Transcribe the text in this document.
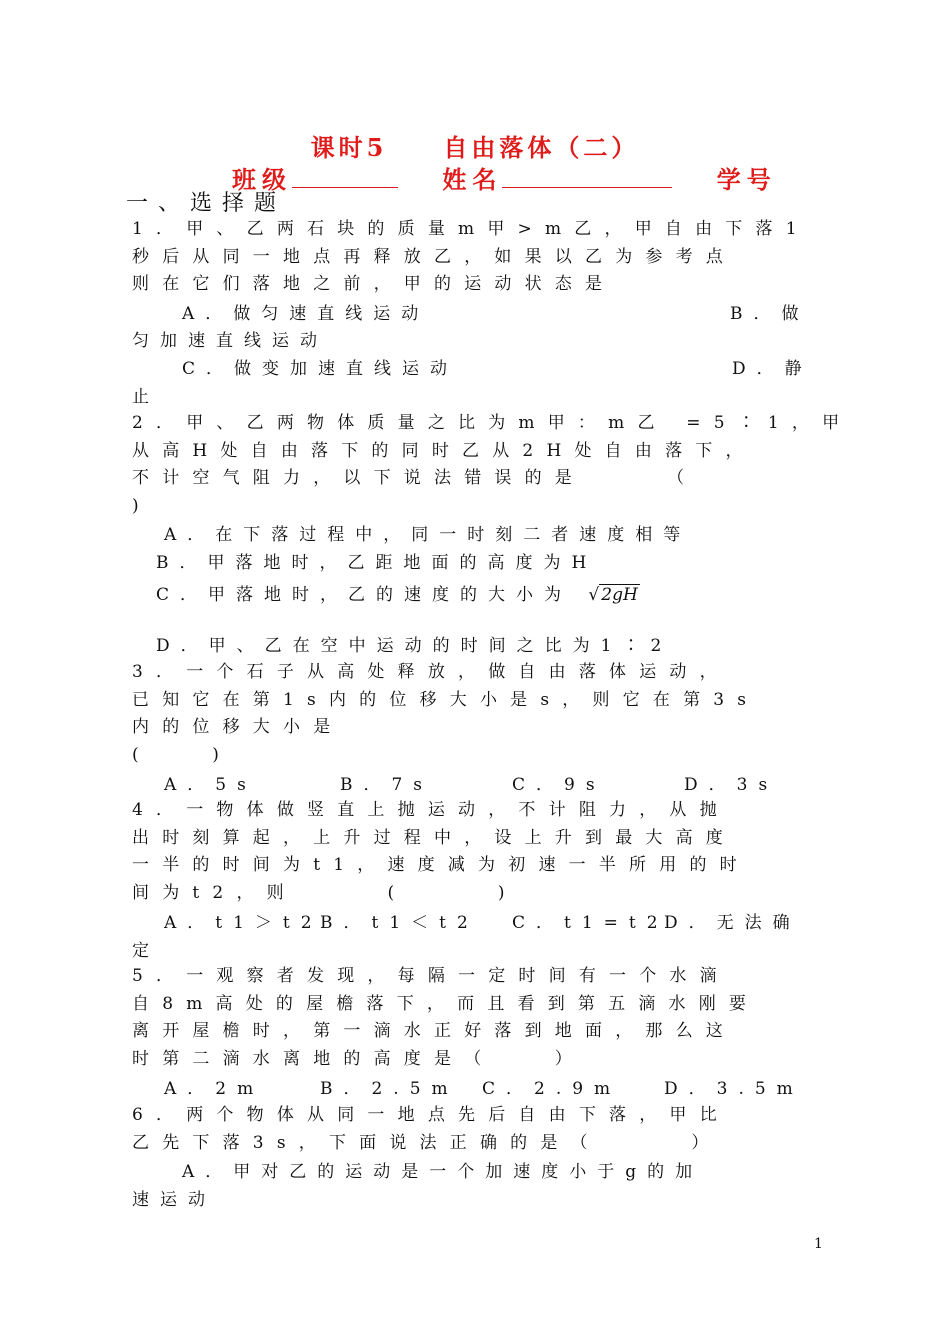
课时5　　自由落体（二）
班级	姓名	学号
一、选择题
1．甲、乙两石块的质量m甲>m乙，甲自由下落1
秒后从同一地点再释放乙，如果以乙为参考点
则在它们落地之前，甲的运动状态是
A．做匀速直线运动	B．做
匀加速直线运动
C．做变加速直线运动	D．静
止
2．甲、乙两物体质量之比为m甲：m乙 =5∶1，甲
从高H处自由落下的同时乙从2H处自由落下，
不计空气阻力，以下说法错误的是　　　（
)
A．在下落过程中，同一时刻二者速度相等
B．甲落地时，乙距地面的高度为H
C．甲落地时，乙的速度的大小为 √ 2gH
D．甲、乙在空中运动的时间之比为1∶2
3．一个石子从高处释放，做自由落体运动，
已知它在第1s内的位移大小是s，则它在第3s
内的位移大小是
(　　)
A．5s	B．7s	C．9s	D．3s
4．一物体做竖直上抛运动，不计阻力，从抛
出时刻算起，上升过程中，设上升到最大高度
一半的时间为t1，速度减为初速一半所用的时
间为t2，则　　　(　　　)
A．t1＞t2
B．t1＜t2 C．t1=t2
D．无法确
定
5．一观察者发现，每隔一定时间有一个水滴
自8m高处的屋檐落下，而且看到第五滴水刚要
离开屋檐时，第一滴水正好落到地面，那么这
时第二滴水离地的高度是（　　）
A．2m	B．2.5m C．2.9m	D．3.5m
6．两个物体从同一地点先后自由下落，甲比
乙先下落3s，下面说法正确的是（　　　）
A．甲对乙的运动是一个加速度小于g的加
速运动
1
